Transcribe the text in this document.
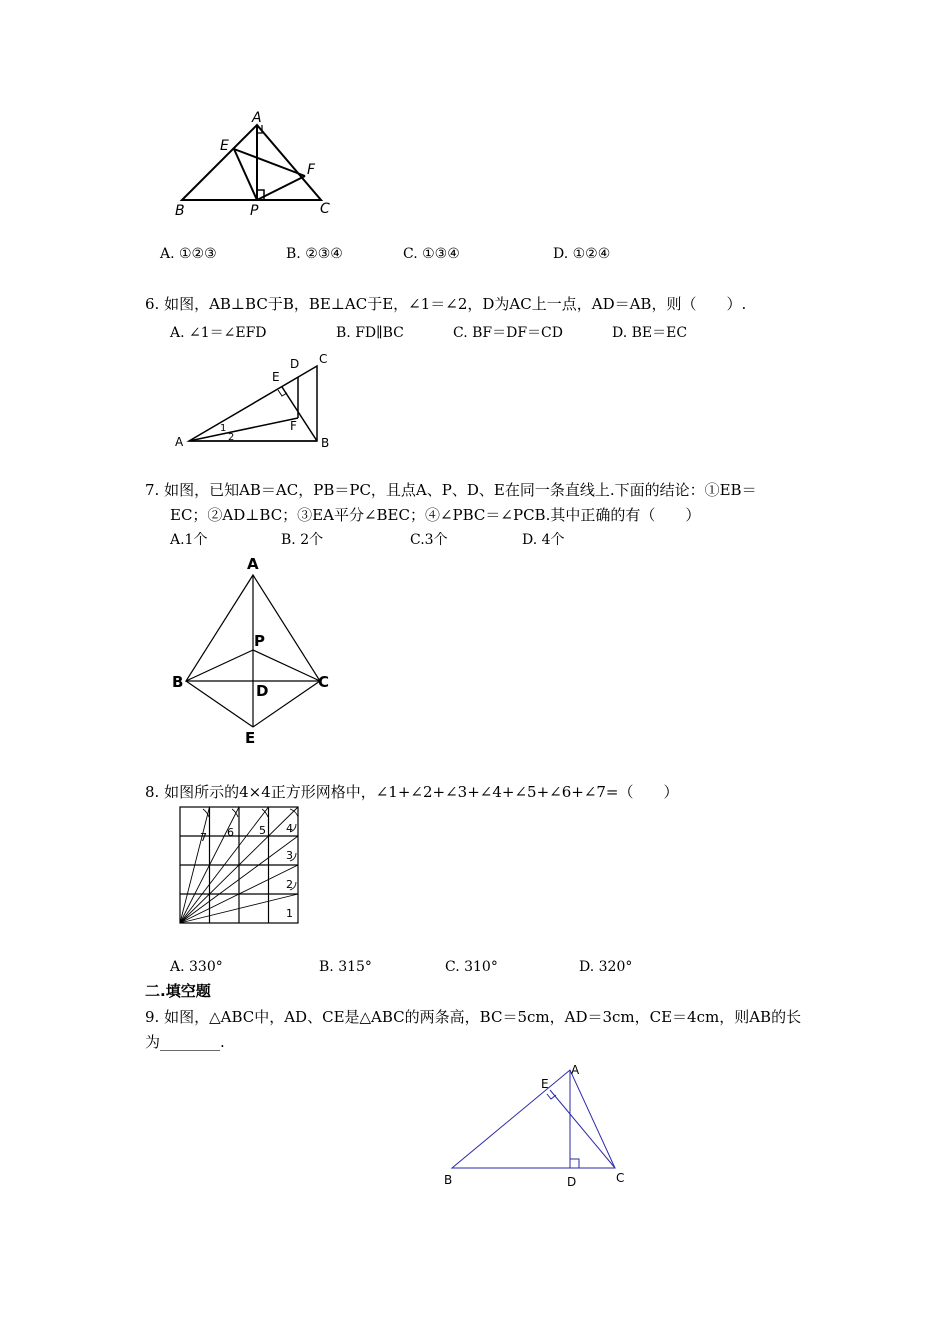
A
E
F
B	P	C
A. ①②③	B. ②③④	C. ①③④	D. ①②④
6. 如图，AB⊥BC于B，BE⊥AC于E，∠1＝∠2，D为AC上一点，AD＝AB，则（　　）.
A. ∠1＝∠EFD	B. FD∥BC	C. BF＝DF＝CD	D. BE＝EC
A	B
C
D
E
F
1
2
7. 如图，已知AB＝AC，PB＝PC，且点A、P、D、E在同一条直线上.下面的结论：①EB＝
EC；②AD⊥BC；③EA平分∠BEC；④∠PBC＝∠PCB.其中正确的有（　　）
A.1个	B. 2个	C.3个	D. 4个
A
P
B	C
D
E
8. 如图所示的4×4正方形网格中，∠1+∠2+∠3+∠4+∠5+∠6+∠7=（　　）
1
2
3
4
5
6
7
A. 330°	B. 315°	C. 310°	D. 320°
二.填空题
9. 如图，△ABC中，AD、CE是△ABC的两条高，BC＝5cm，AD＝3cm，CE＝4cm，则AB的长
为________.
A
E
B	D	C
